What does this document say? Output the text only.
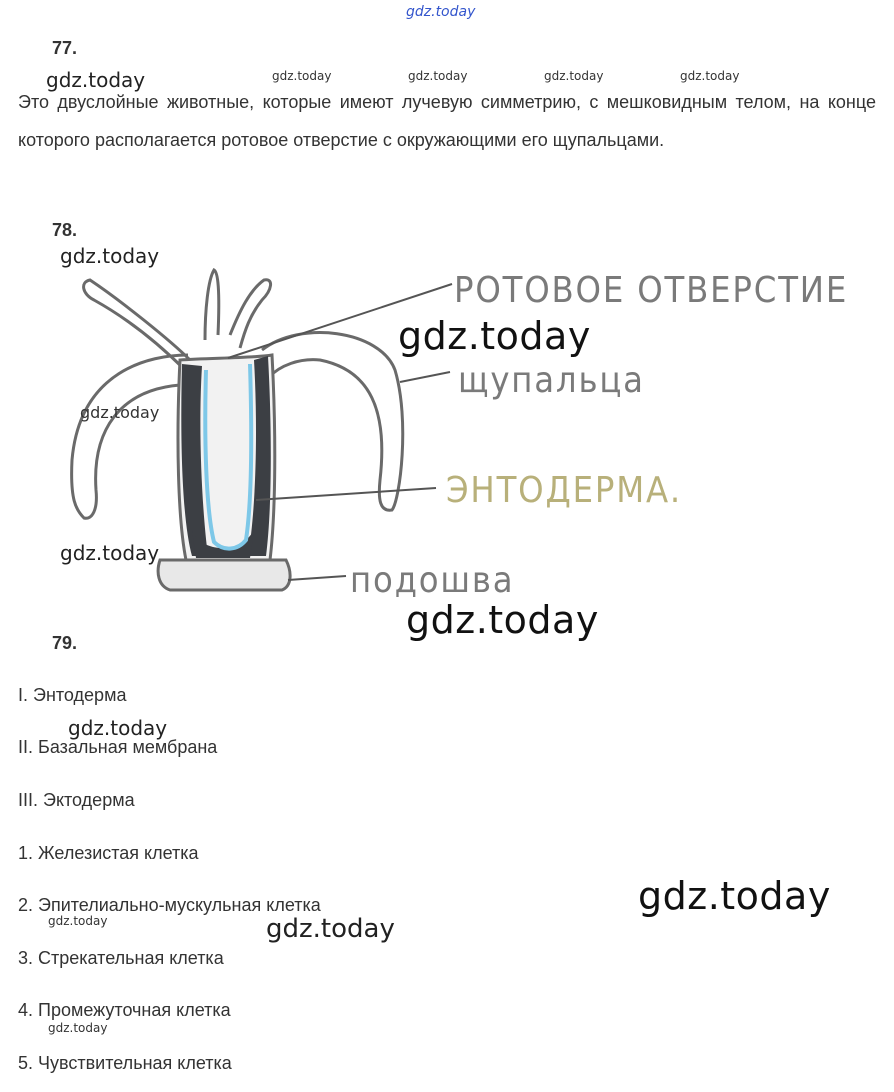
gdz.today
77.
gdz.today	gdz.today	gdz.today	gdz.today	gdz.today
Это двуслойные животные, которые имеют лучевую симметрию, с мешковидным телом, на конце которого располагается ротовое отверстие с окружающими его щупальцами.
78.
gdz.today
РОТОВОЕ ОТВЕРСТИЕ
щупальца
ЭНТОДЕРМА.
подошва
gdz.today
gdz.today
gdz.today
gdz.today
79.
I. Энтодерма
gdz.today
II. Базальная мембрана
III. Эктодерма
1. Железистая клетка
gdz.today
2. Эпителиально-мускульная клетка
gdz.today	gdz.today
3. Стрекательная клетка
4. Промежуточная клетка
gdz.today
5. Чувствительная клетка
